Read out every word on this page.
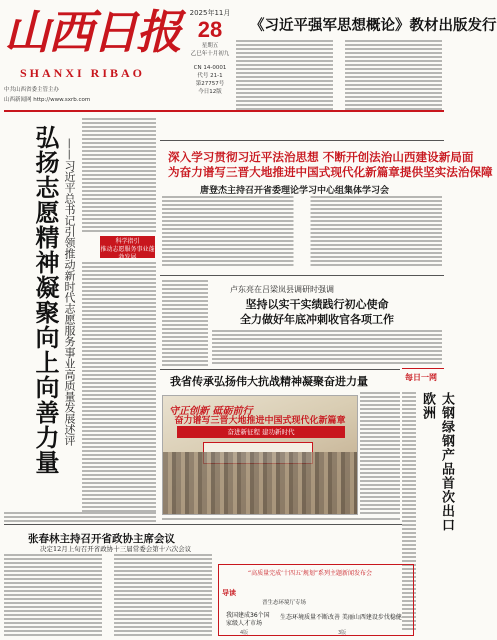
山西日报
SHANXI RIBAO
中共山西省委主管主办
山西新闻网 http://www.sxrb.com
2025年11月
28
星期五
乙巳年十月初九
CN 14-0001
代号 21-1
第27757号
今日12版
《习近平强军思想概论》教材出版发行
弘扬志愿精神凝聚向上向善力量 ——习近平总书记引领推动新时代志愿服务事业高质量发展述评	科学指引
推动志愿服务事业蓬勃发展
深入学习贯彻习近平法治思想 不断开创法治山西建设新局面
为奋力谱写三晋大地推进中国式现代化新篇章提供坚实法治保障
唐登杰主持召开省委理论学习中心组集体学习会
卢东亮在吕梁岚县调研时强调
坚持以实干实绩践行初心使命
全力做好年底冲刺收官各项工作
我省传承弘扬伟大抗战精神凝聚奋进力量
守正创新 砥砺前行
奋力谱写三晋大地推进中国式现代化新篇章
奋进新征程 建功新时代
每日一网
太钢绿钢产品首次出口欧洲
张春林主持召开省政协主席会议
决定12月上旬召开省政协十三届常委会第十六次会议
“高质量完成‘十四五’规划”系列主题新闻发布会
导读
晋生态环境厅专场
我国建成36个国家级人才市场
生态环境质量不断改善 美丽山西建设步伐稳健
4版	3版
